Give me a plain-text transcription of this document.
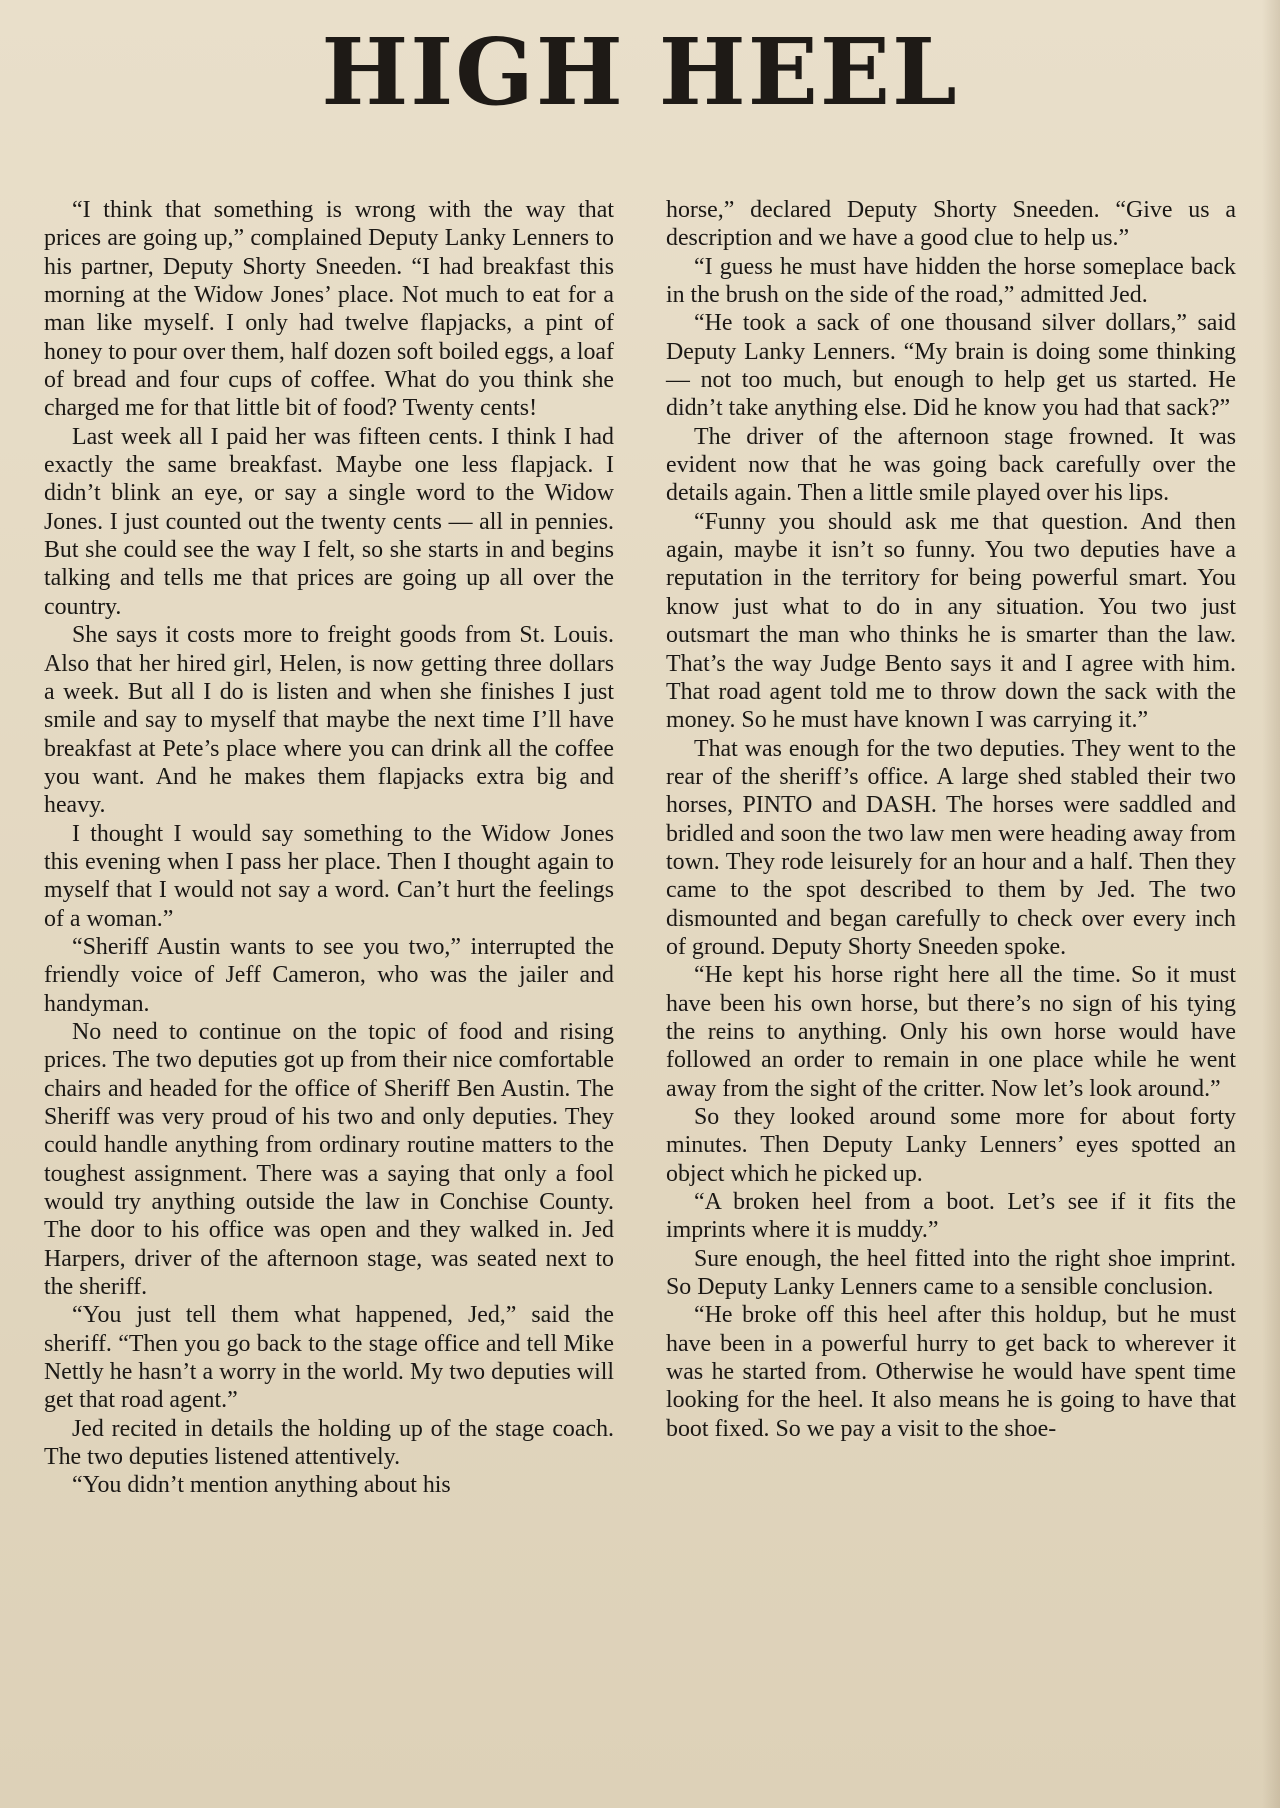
HIGH HEEL

“I think that something is wrong with the way that prices are going up,” complained Deputy Lanky Lenners to his partner, Deputy Shorty Sneeden. “I had breakfast this morning at the Widow Jones’ place. Not much to eat for a man like myself. I only had twelve flapjacks, a pint of honey to pour over them, half dozen soft boiled eggs, a loaf of bread and four cups of coffee. What do you think she charged me for that little bit of food? Twenty cents!

Last week all I paid her was fifteen cents. I think I had exactly the same breakfast. Maybe one less flapjack. I didn’t blink an eye, or say a single word to the Widow Jones. I just counted out the twenty cents — all in pennies. But she could see the way I felt, so she starts in and begins talking and tells me that prices are going up all over the country.

She says it costs more to freight goods from St. Louis. Also that her hired girl, Helen, is now getting three dollars a week. But all I do is listen and when she finishes I just smile and say to myself that maybe the next time I’ll have breakfast at Pete’s place where you can drink all the coffee you want. And he makes them flapjacks extra big and heavy.

I thought I would say something to the Widow Jones this evening when I pass her place. Then I thought again to myself that I would not say a word. Can’t hurt the feelings of a woman.”

“Sheriff Austin wants to see you two,” interrupted the friendly voice of Jeff Cameron, who was the jailer and handyman.

No need to continue on the topic of food and rising prices. The two deputies got up from their nice comfortable chairs and headed for the office of Sheriff Ben Austin. The Sheriff was very proud of his two and only deputies. They could handle anything from ordinary routine matters to the toughest assignment. There was a saying that only a fool would try anything outside the law in Conchise County. The door to his office was open and they walked in. Jed Harpers, driver of the afternoon stage, was seated next to the sheriff.

“You just tell them what happened, Jed,” said the sheriff. “Then you go back to the stage office and tell Mike Nettly he hasn’t a worry in the world. My two deputies will get that road agent.”

Jed recited in details the holding up of the stage coach. The two deputies listened attentively.

“You didn’t mention anything about his

horse,” declared Deputy Shorty Sneeden. “Give us a description and we have a good clue to help us.”

“I guess he must have hidden the horse someplace back in the brush on the side of the road,” admitted Jed.

“He took a sack of one thousand silver dollars,” said Deputy Lanky Lenners. “My brain is doing some thinking — not too much, but enough to help get us started. He didn’t take anything else. Did he know you had that sack?”

The driver of the afternoon stage frowned. It was evident now that he was going back carefully over the details again. Then a little smile played over his lips.

“Funny you should ask me that question. And then again, maybe it isn’t so funny. You two deputies have a reputation in the territory for being powerful smart. You know just what to do in any situation. You two just outsmart the man who thinks he is smarter than the law. That’s the way Judge Bento says it and I agree with him. That road agent told me to throw down the sack with the money. So he must have known I was carrying it.”

That was enough for the two deputies. They went to the rear of the sheriff’s office. A large shed stabled their two horses, PINTO and DASH. The horses were saddled and bridled and soon the two law men were heading away from town. They rode leisurely for an hour and a half. Then they came to the spot described to them by Jed. The two dismounted and began carefully to check over every inch of ground. Deputy Shorty Sneeden spoke.

“He kept his horse right here all the time. So it must have been his own horse, but there’s no sign of his tying the reins to anything. Only his own horse would have followed an order to remain in one place while he went away from the sight of the critter. Now let’s look around.”

So they looked around some more for about forty minutes. Then Deputy Lanky Lenners’ eyes spotted an object which he picked up.

“A broken heel from a boot. Let’s see if it fits the imprints where it is muddy.”

Sure enough, the heel fitted into the right shoe imprint. So Deputy Lanky Lenners came to a sensible conclusion.

“He broke off this heel after this holdup, but he must have been in a powerful hurry to get back to wherever it was he started from. Otherwise he would have spent time looking for the heel. It also means he is going to have that boot fixed. So we pay a visit to the shoe-
